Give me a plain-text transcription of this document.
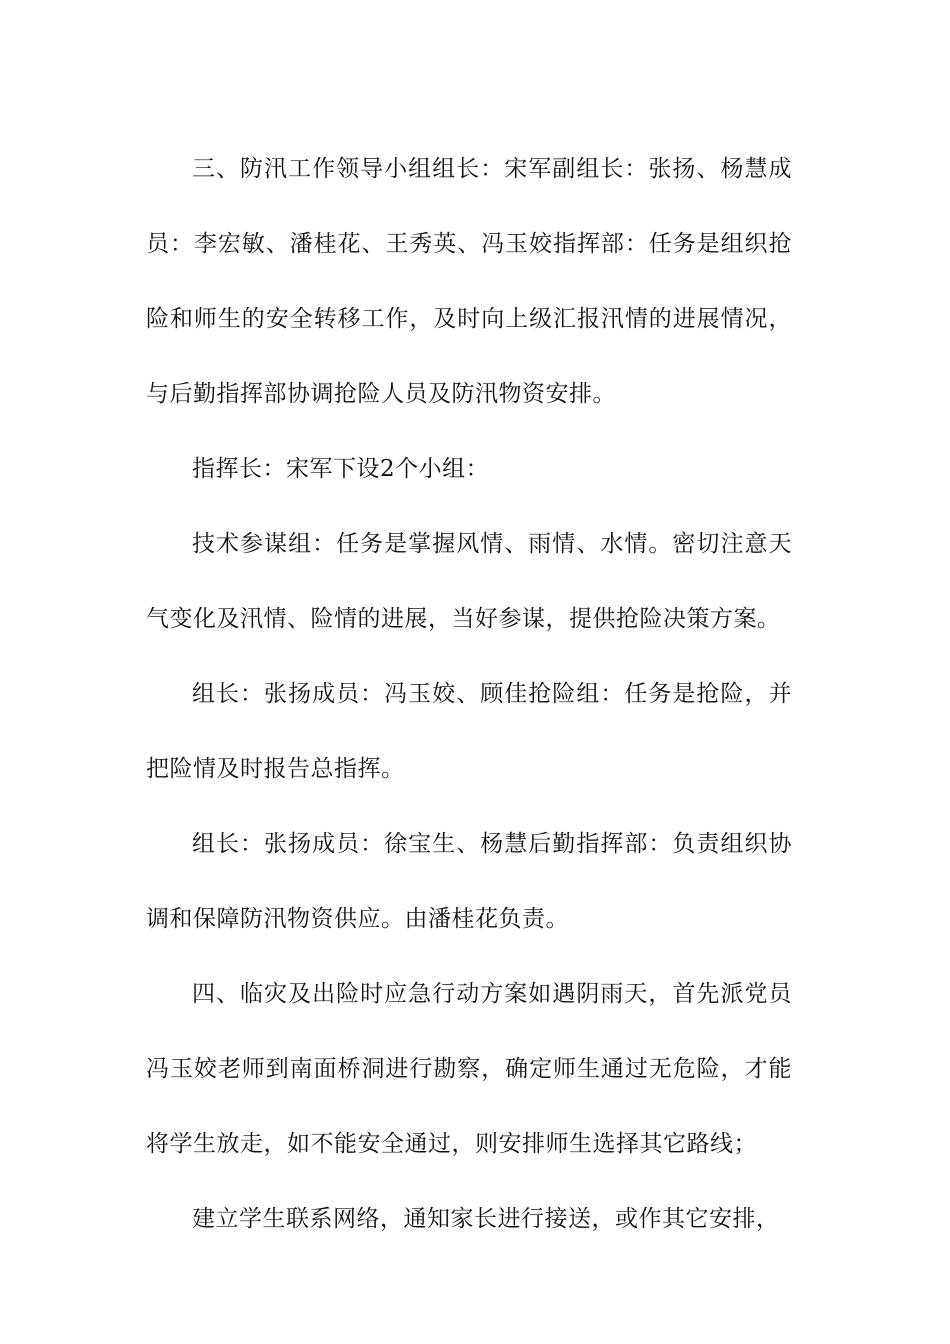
三、防汛工作领导小组组长：宋军副组长：张扬、杨慧成员：李宏敏、潘桂花、王秀英、冯玉姣指挥部：任务是组织抢险和师生的安全转移工作，及时向上级汇报汛情的进展情况，与后勤指挥部协调抢险人员及防汛物资安排。

指挥长：宋军下设2个小组：

技术参谋组：任务是掌握风情、雨情、水情。密切注意天气变化及汛情、险情的进展，当好参谋，提供抢险决策方案。

组长：张扬成员：冯玉姣、顾佳抢险组：任务是抢险，并把险情及时报告总指挥。

组长：张扬成员：徐宝生、杨慧后勤指挥部：负责组织协调和保障防汛物资供应。由潘桂花负责。

四、临灾及出险时应急行动方案如遇阴雨天，首先派党员冯玉姣老师到南面桥洞进行勘察，确定师生通过无危险，才能将学生放走，如不能安全通过，则安排师生选择其它路线；

建立学生联系网络，通知家长进行接送，或作其它安排，
